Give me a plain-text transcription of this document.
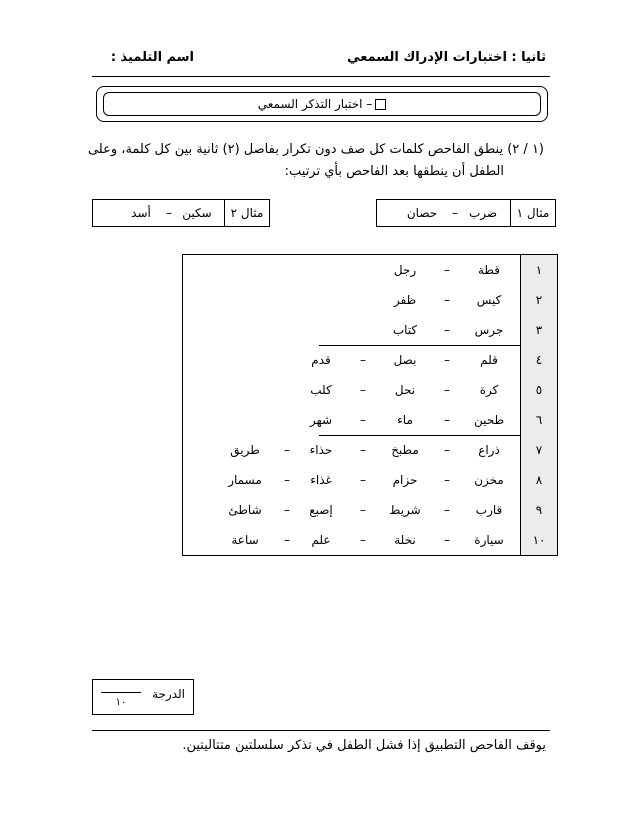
ثانيا : اختبارات الإدراك السمعي
اسم التلميذ :
– اختبار التذكر السمعي
(١ / ٢) ينطق الفاحص كلمات كل صف دون تكرار بفاصل (٢) ثانية بين كل كلمة، وعلى
الطفل أن ينطقها بعد الفاحص بأي ترتيب:
مثال ١
ضرب
–
حصان
مثال ٢
سكين
–
أسد
١
قطة
–
رجل
٢
كيس
–
ظفر
٣
جرس
–
كتاب
٤
قلم
–
بصل
–
قدم
٥
كرة
–
نحل
–
كلب
٦
طحين
–
ماء
–
شهر
٧
ذراع
–
مطبخ
–
حذاء
–
طريق
٨
مخزن
–
حزام
–
غذاء
–
مسمار
٩
قارب
–
شريط
–
إصبع
–
شاطئ
١٠
سيارة
–
نخلة
–
علم
–
ساعة
الدرجة
١٠
يوقف الفاحص التطبيق إذا فشل الطفل في تذكر سلسلتين متتاليتين.
